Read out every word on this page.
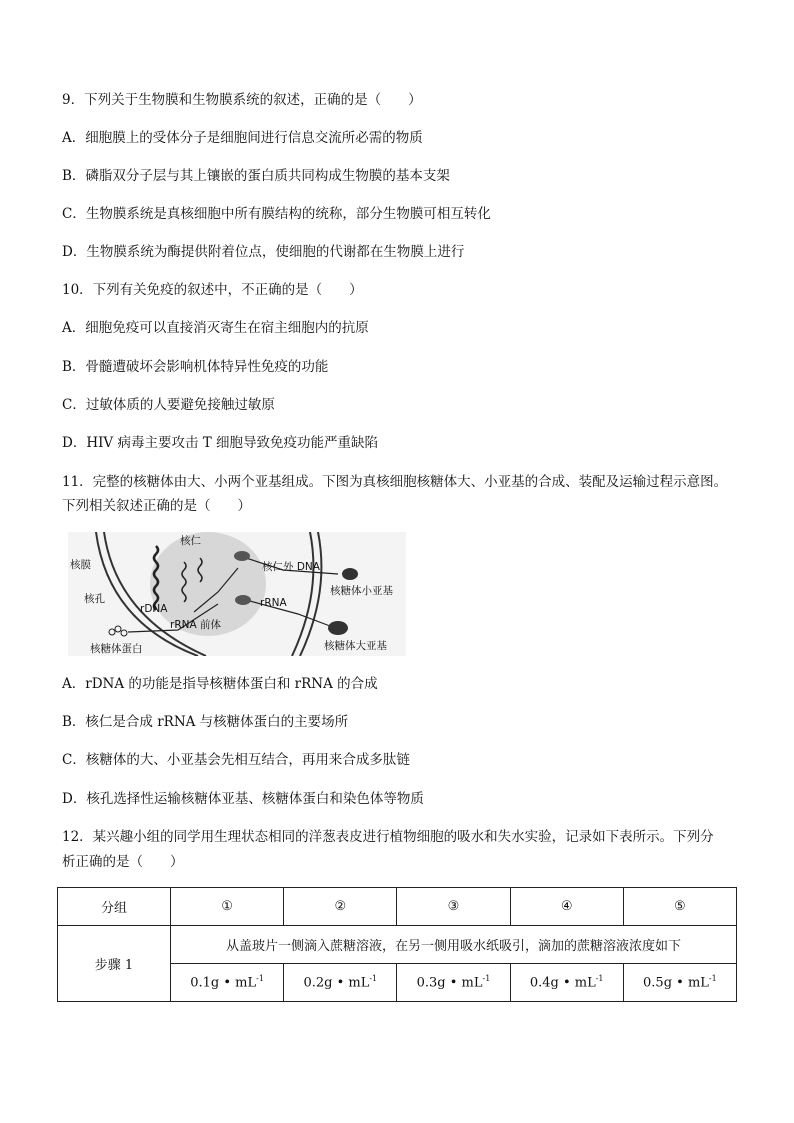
9．下列关于生物膜和生物膜系统的叙述，正确的是（　　）
A．细胞膜上的受体分子是细胞间进行信息交流所必需的物质
B．磷脂双分子层与其上镶嵌的蛋白质共同构成生物膜的基本支架
C．生物膜系统是真核细胞中所有膜结构的统称，部分生物膜可相互转化
D．生物膜系统为酶提供附着位点，使细胞的代谢都在生物膜上进行
10．下列有关免疫的叙述中，不正确的是（　　）
A．细胞免疫可以直接消灭寄生在宿主细胞内的抗原
B．骨髓遭破坏会影响机体特异性免疫的功能
C．过敏体质的人要避免接触过敏原
D．HIV 病毒主要攻击 T 细胞导致免疫功能严重缺陷
11．完整的核糖体由大、小两个亚基组成。下图为真核细胞核糖体大、小亚基的合成、装配及运输过程示意图。
下列相关叙述正确的是（　　）
核仁
核膜
核孔
核仁外 DNA
核糖体小亚基
rDNA	rRNA
rRNA 前体
核糖体蛋白	核糖体大亚基
A．rDNA 的功能是指导核糖体蛋白和 rRNA 的合成
B．核仁是合成 rRNA 与核糖体蛋白的主要场所
C．核糖体的大、小亚基会先相互结合，再用来合成多肽链
D．核孔选择性运输核糖体亚基、核糖体蛋白和染色体等物质
12．某兴趣小组的同学用生理状态相同的洋葱表皮进行植物细胞的吸水和失水实验，记录如下表所示。下列分
析正确的是（　　）
分组	①	②	③	④	⑤
步骤 1	从盖玻片一侧滴入蔗糖溶液，在另一侧用吸水纸吸引，滴加的蔗糖溶液浓度如下				
	0.1g • $mL^{-1}$	0.2g • $mL^{-1}$	0.3g • $mL^{-1}$	0.4g • $mL^{-1}$	0.5g • $mL^{-1}$
